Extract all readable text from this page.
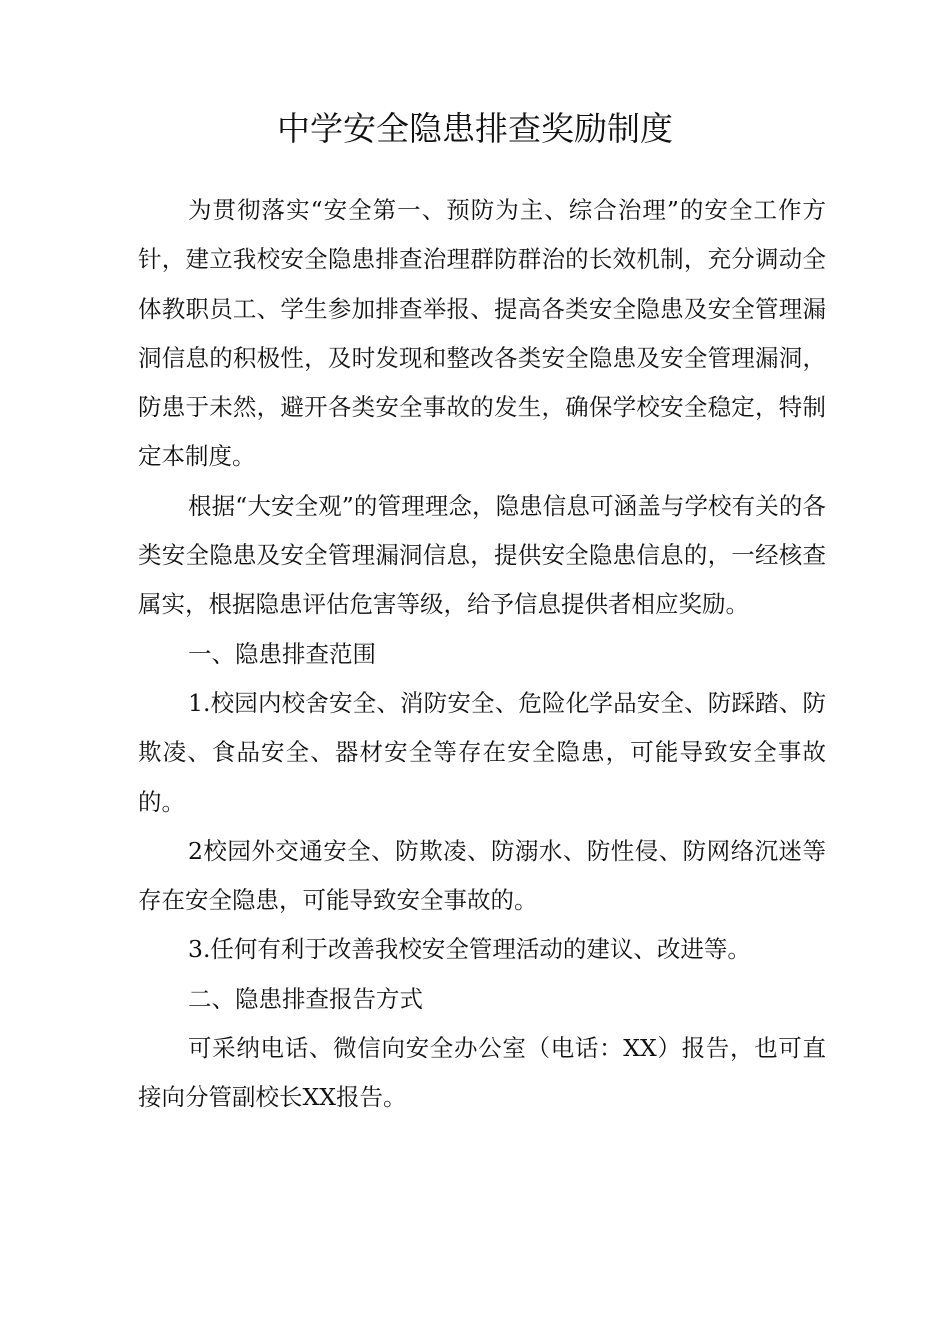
中学安全隐患排查奖励制度

为贯彻落实“安全第一、预防为主、综合治理”的安全工作方针，建立我校安全隐患排查治理群防群治的长效机制，充分调动全体教职员工、学生参加排查举报、提高各类安全隐患及安全管理漏洞信息的积极性，及时发现和整改各类安全隐患及安全管理漏洞，防患于未然，避开各类安全事故的发生，确保学校安全稳定，特制定本制度。

根据“大安全观”的管理理念，隐患信息可涵盖与学校有关的各类安全隐患及安全管理漏洞信息，提供安全隐患信息的，一经核查属实，根据隐患评估危害等级，给予信息提供者相应奖励。

一、隐患排查范围

1.校园内校舍安全、消防安全、危险化学品安全、防踩踏、防欺凌、食品安全、器材安全等存在安全隐患，可能导致安全事故的。

2校园外交通安全、防欺凌、防溺水、防性侵、防网络沉迷等存在安全隐患，可能导致安全事故的。

3.任何有利于改善我校安全管理活动的建议、改进等。

二、隐患排查报告方式

可采纳电话、微信向安全办公室（电话：XX）报告，也可直接向分管副校长XX报告。
